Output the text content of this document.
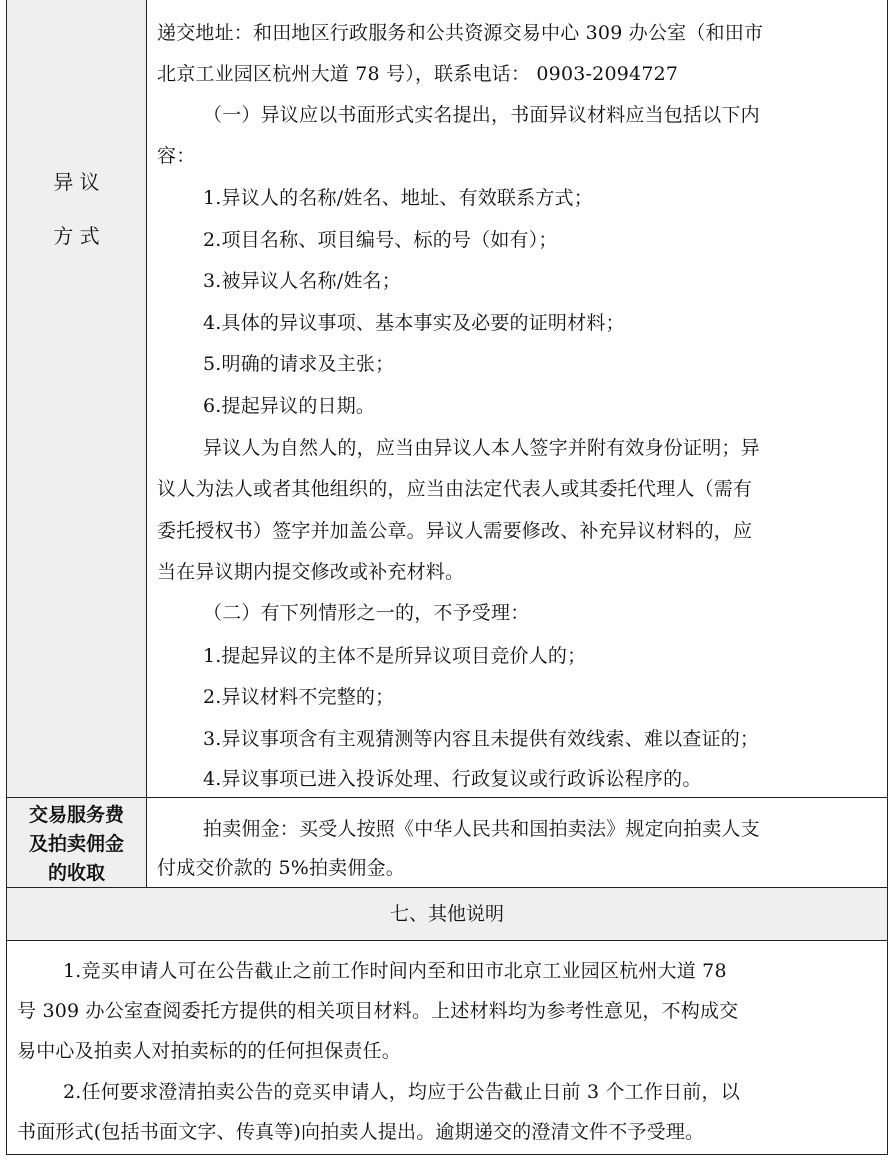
异 议
方 式
递交地址：和田地区行政服务和公共资源交易中心 309 办公室（和田市
北京工业园区杭州大道 78 号），联系电话： 0903-2094727
（一）异议应以书面形式实名提出，书面异议材料应当包括以下内
容：
1.异议人的名称/姓名、地址、有效联系方式；
2.项目名称、项目编号、标的号（如有）；
3.被异议人名称/姓名；
4.具体的异议事项、基本事实及必要的证明材料；
5.明确的请求及主张；
6.提起异议的日期。
异议人为自然人的，应当由异议人本人签字并附有效身份证明；异
议人为法人或者其他组织的，应当由法定代表人或其委托代理人（需有
委托授权书）签字并加盖公章。异议人需要修改、补充异议材料的，应
当在异议期内提交修改或补充材料。
（二）有下列情形之一的，不予受理：
1.提起异议的主体不是所异议项目竞价人的；
2.异议材料不完整的；
3.异议事项含有主观猜测等内容且未提供有效线索、难以查证的；
4.异议事项已进入投诉处理、行政复议或行政诉讼程序的。
交易服务费
及拍卖佣金
的收取
拍卖佣金：买受人按照《中华人民共和国拍卖法》规定向拍卖人支
付成交价款的 5%拍卖佣金。
七、其他说明
1.竞买申请人可在公告截止之前工作时间内至和田市北京工业园区杭州大道 78
号 309 办公室查阅委托方提供的相关项目材料。上述材料均为参考性意见，不构成交
易中心及拍卖人对拍卖标的的任何担保责任。
2.任何要求澄清拍卖公告的竞买申请人，均应于公告截止日前 3 个工作日前，以
书面形式(包括书面文字、传真等)向拍卖人提出。逾期递交的澄清文件不予受理。
